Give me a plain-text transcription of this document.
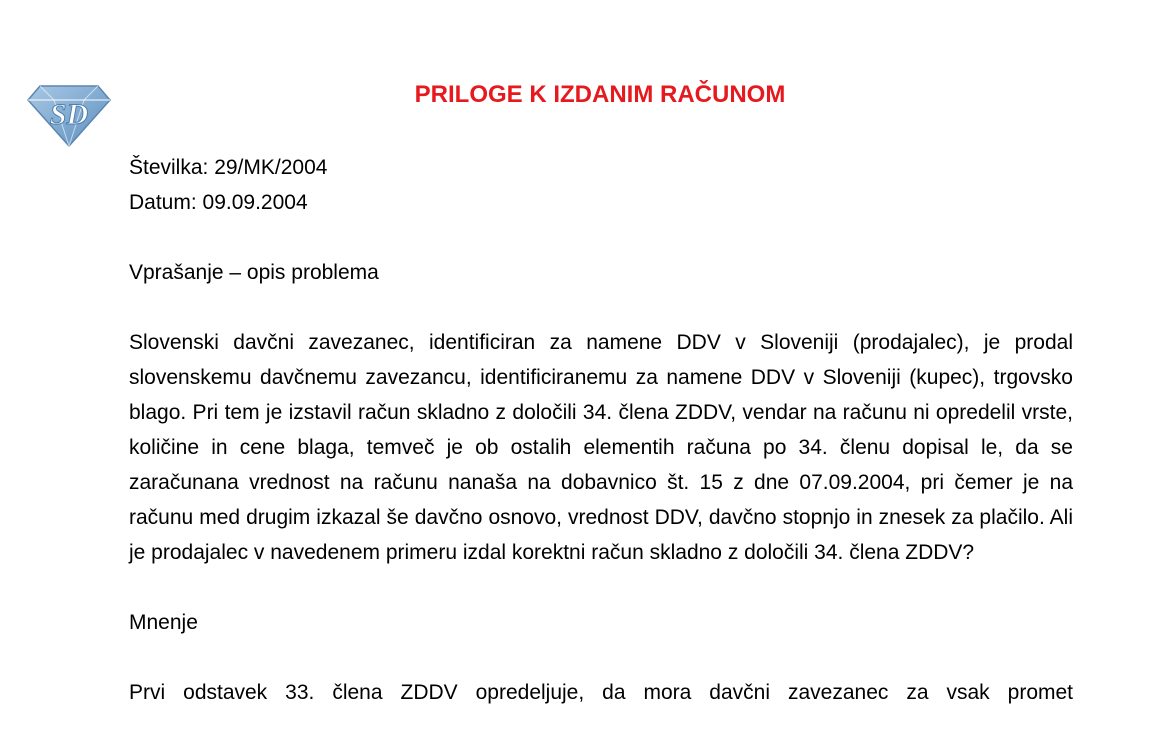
SD
PRILOGE K IZDANIM RAČUNOM

Številka: 29/MK/2004

Datum: 09.09.2004

Vprašanje – opis problema

Slovenski davčni zavezanec, identificiran za namene DDV v Sloveniji (prodajalec), je prodal slovenskemu davčnemu zavezancu, identificiranemu za namene DDV v Sloveniji (kupec), trgovsko blago. Pri tem je izstavil račun skladno z določili 34. člena ZDDV, vendar na računu ni opredelil vrste, količine in cene blaga, temveč je ob ostalih elementih računa po 34. členu dopisal le, da se zaračunana vrednost na računu nanaša na dobavnico št. 15 z dne 07.09.2004, pri čemer je na računu med drugim izkazal še davčno osnovo, vrednost DDV, davčno stopnjo in znesek za plačilo. Ali je prodajalec v navedenem primeru izdal korektni račun skladno z določili 34. člena ZDDV?

Mnenje

Prvi odstavek 33. člena ZDDV opredeljuje, da mora davčni zavezanec za vsak promet
